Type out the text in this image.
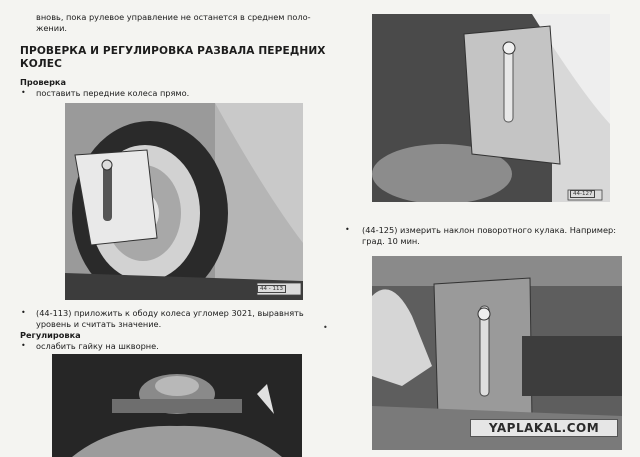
вновь, пока рулевое управление не останется в среднем поло-
жении.
ПРОВЕРКА И РЕГУЛИРОВКА РАЗВАЛА ПЕРЕДНИХ
КОЛЕС
Проверка
• поставить передние колеса прямо.
44 - 113
• (44-113) приложить к ободу колеса угломер 3021, выравнять
уровень и считать значение.	•
Регулировка
• ослабить гайку на шкворне.
44-127
• (44-125) измерить наклон поворотного кулака. Например:
град. 10 мин.
YAPLAKAL.COM
